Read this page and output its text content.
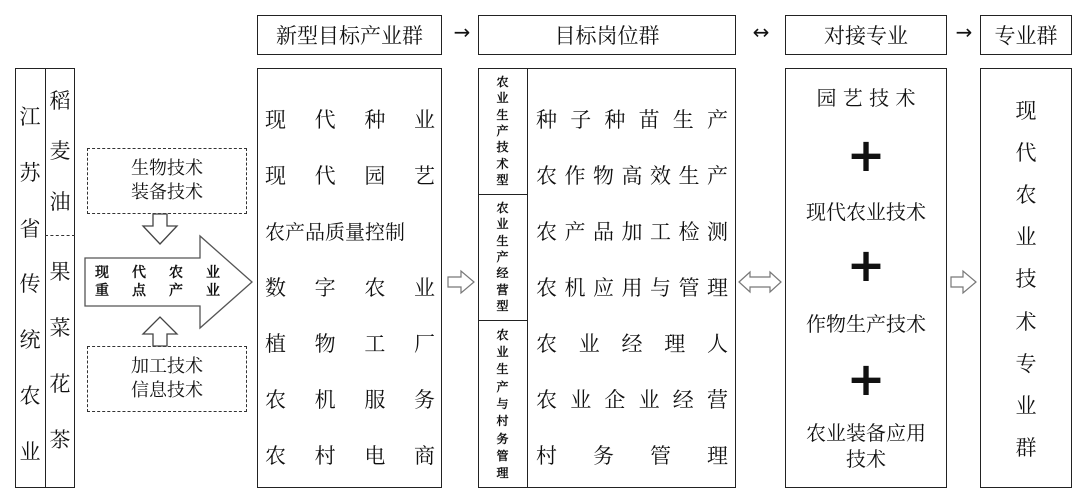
新型目标产业群	→	目标岗位群	↔	对接专业	→	专业群
江
苏
省
传
统
农
业
稻
麦
油
果
菜
花
茶
生物技术
装备技术
加工技术
信息技术
现 代 农 业
重 点 产 业
现 代 种 业
现 代 园 艺
农产品质量控制
数 字 农 业
植 物 工 厂
农 机 服 务
农 村 电 商
农
业
生
产
技
术
型
农
业
生
产
经
营
型
农
业
生
产
与
村
务
管
理
种 子 种 苗 生 产
农 作 物 高 效 生 产
农 产 品 加 工 检 测
农 机 应 用 与 管 理
农 业 经 理 人
农 业 企 业 经 营
村 务 管 理
园 艺 技 术
+
现代农业技术
+
作物生产技术
+
农业装备应用
技术
现
代
农
业
技
术
专
业
群
